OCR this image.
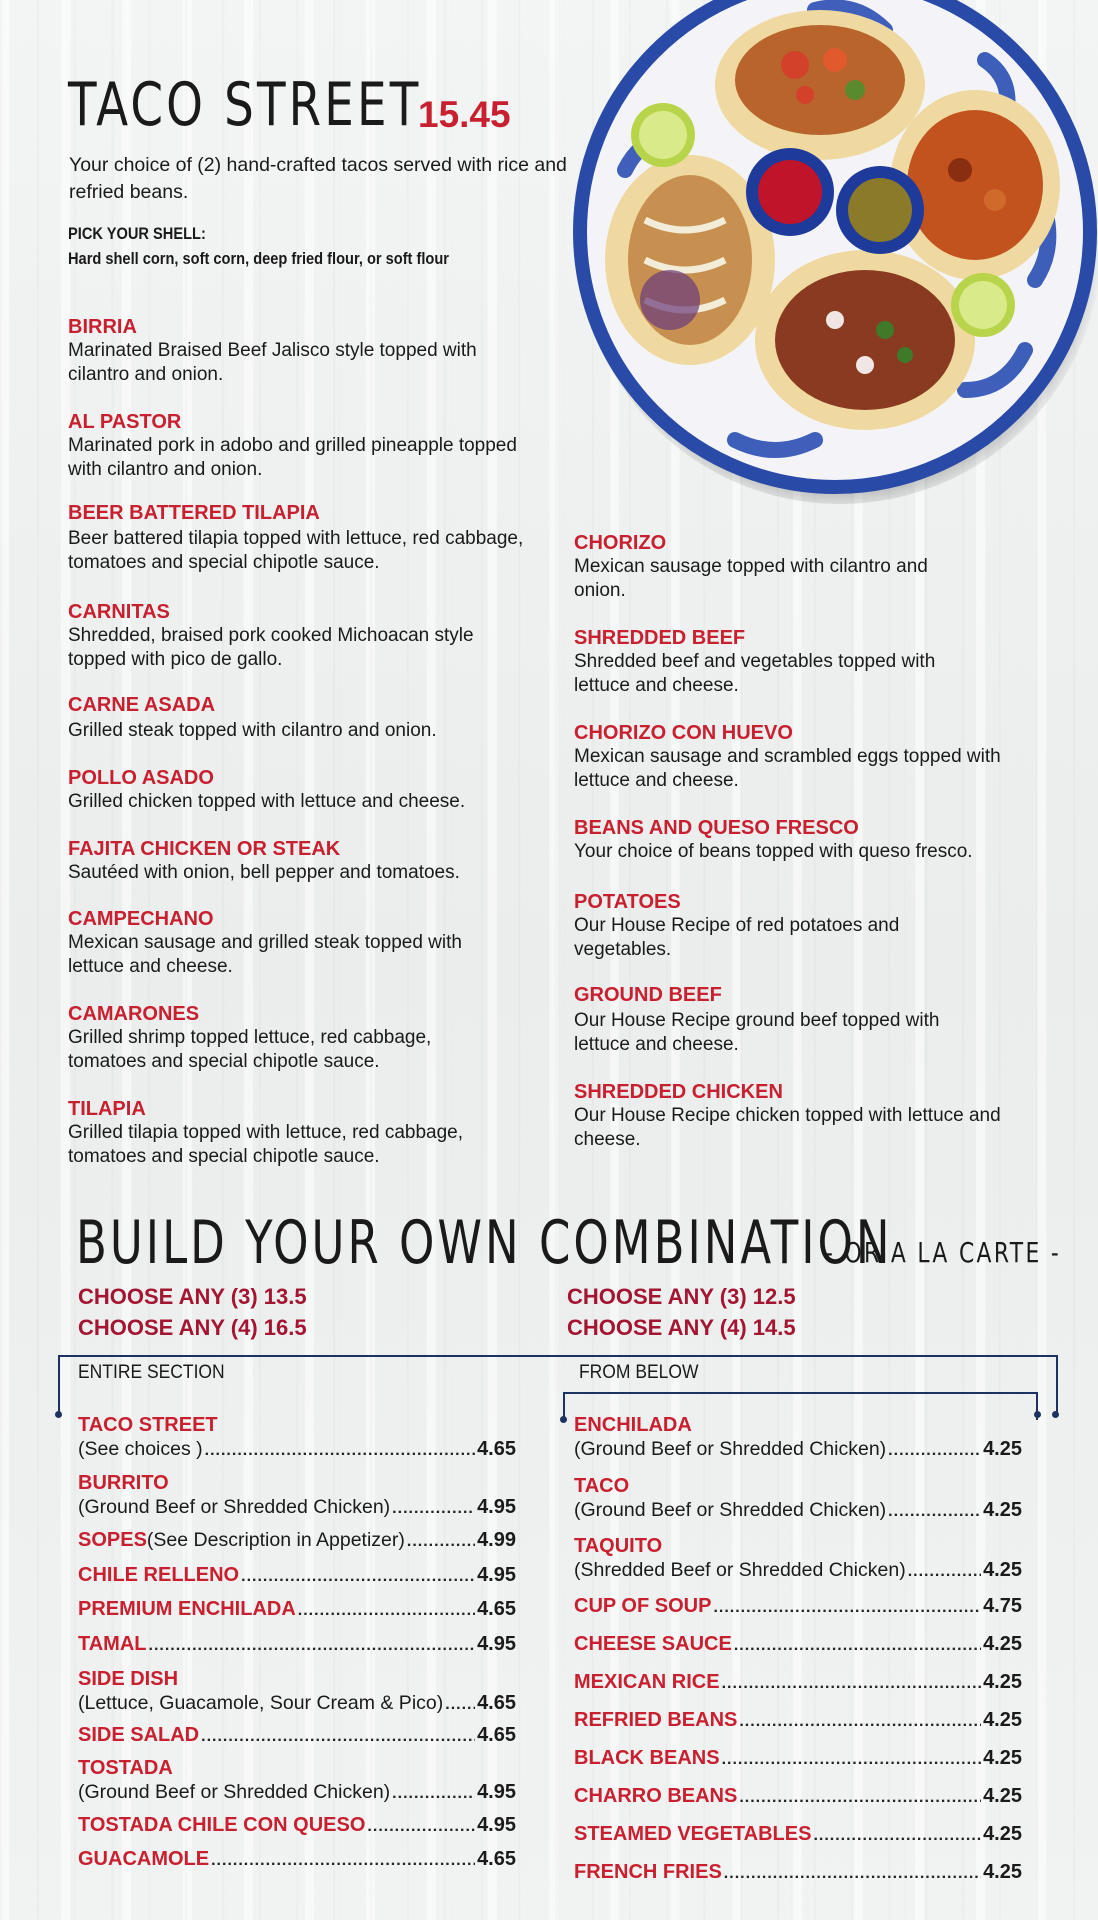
TACO STREET
15.45
Your choice of (2) hand-crafted tacos served with rice and refried beans.
PICK YOUR SHELL:
Hard shell corn, soft corn, deep fried flour, or soft flour
BIRRIA
Marinated Braised Beef Jalisco style topped with cilantro and onion.
AL PASTOR
Marinated pork in adobo and grilled pineapple topped with cilantro and onion.
BEER BATTERED TILAPIA
Beer battered tilapia topped with lettuce, red cabbage, tomatoes and special chipotle sauce.
CARNITAS
Shredded, braised pork cooked Michoacan style topped with pico de gallo.
CARNE ASADA
Grilled steak topped with cilantro and onion.
POLLO ASADO
Grilled chicken topped with lettuce and cheese.
FAJITA CHICKEN OR STEAK
Sautéed with onion, bell pepper and tomatoes.
CAMPECHANO
Mexican sausage and grilled steak topped with lettuce and cheese.
CAMARONES
Grilled shrimp topped lettuce, red cabbage, tomatoes and special chipotle sauce.
TILAPIA
Grilled tilapia topped with lettuce, red cabbage, tomatoes and special chipotle sauce.
CHORIZO
Mexican sausage topped with cilantro and onion.
SHREDDED BEEF
Shredded beef and vegetables topped with lettuce and cheese.
CHORIZO CON HUEVO
Mexican sausage and scrambled eggs topped with lettuce and cheese.
BEANS AND QUESO FRESCO
Your choice of beans topped with queso fresco.
POTATOES
Our House Recipe of red potatoes and vegetables.
GROUND BEEF
Our House Recipe ground beef topped with lettuce and cheese.
SHREDDED CHICKEN
Our House Recipe chicken topped with lettuce and cheese.
BUILD YOUR OWN COMBINATION
- OR A LA CARTE -
CHOOSE ANY (3) 13.5
CHOOSE ANY (4) 16.5
CHOOSE ANY (3) 12.5
CHOOSE ANY (4) 14.5
ENTIRE SECTION	FROM BELOW
TACO STREET
(See choices ) .....	4.65
BURRITO
(Ground Beef or Shredded Chicken) .....	4.95
SOPES (See Description in Appetizer) .....	4.99
CHILE RELLENO .....	4.95
PREMIUM ENCHILADA .....	4.65
TAMAL .....	4.95
SIDE DISH
(Lettuce, Guacamole, Sour Cream & Pico) ..... 4.65
SIDE SALAD .....	4.65
TOSTADA
(Ground Beef or Shredded Chicken) .....	4.95
TOSTADA CHILE CON QUESO .....	4.95
GUACAMOLE .....	4.65
ENCHILADA
(Ground Beef or Shredded Chicken) .....	4.25
TACO
(Ground Beef or Shredded Chicken) .....	4.25
TAQUITO
(Shredded Beef or Shredded Chicken) .....	4.25
CUP OF SOUP .....	4.75
CHEESE SAUCE .....	4.25
MEXICAN RICE .....	4.25
REFRIED BEANS .....	4.25
BLACK BEANS .....	4.25
CHARRO BEANS .....	4.25
STEAMED VEGETABLES .....	4.25
FRENCH FRIES .....	4.25
